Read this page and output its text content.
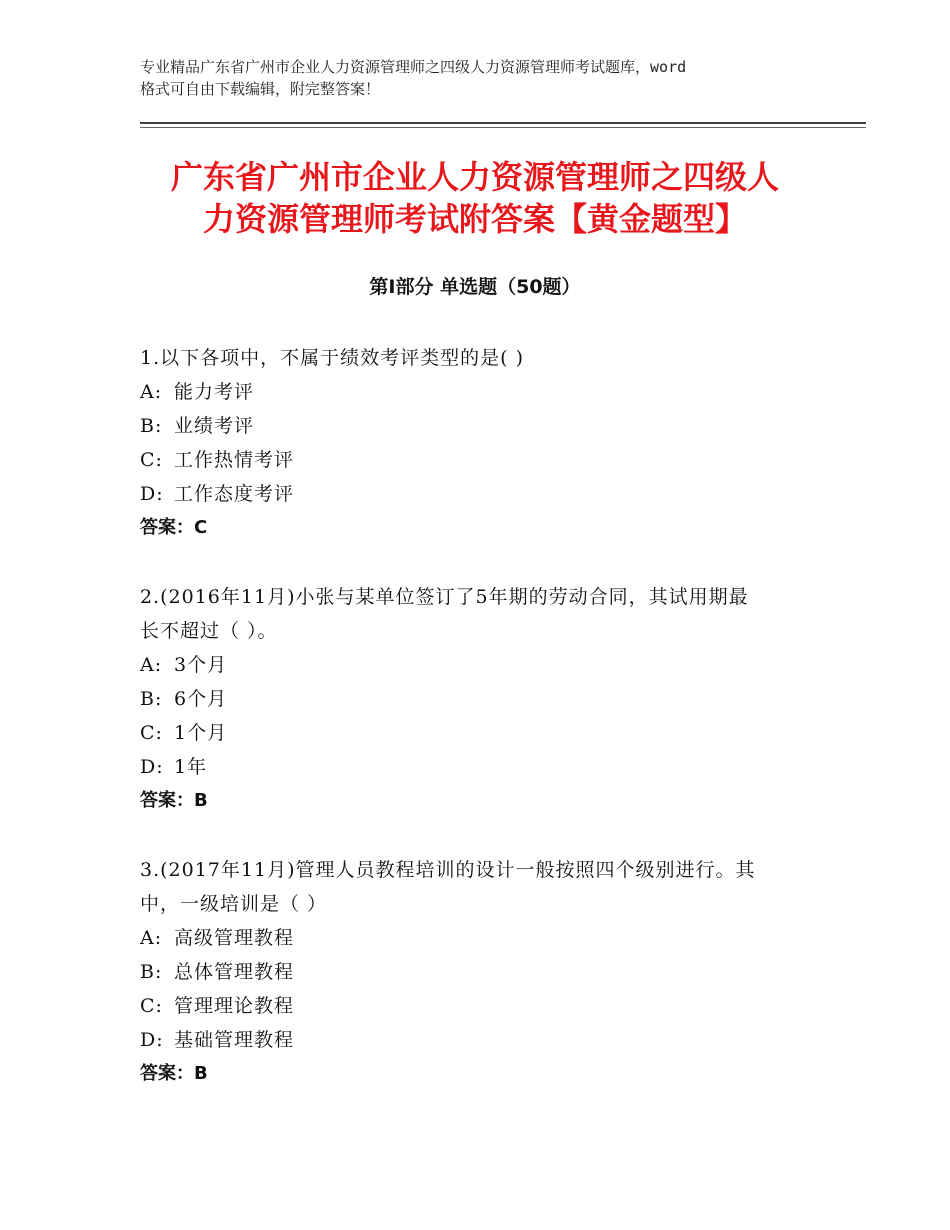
专业精品广东省广州市企业人力资源管理师之四级人力资源管理师考试题库，word
格式可自由下载编辑，附完整答案！
广东省广州市企业人力资源管理师之四级人
力资源管理师考试附答案【黄金题型】
第Ⅰ部分 单选题（50题）

1.以下各项中，不属于绩效考评类型的是( )

A: 能力考评

B: 业绩考评

C: 工作热情考评

D: 工作态度考评

答案：C

2.(2016年11月)小张与某单位签订了5年期的劳动合同，其试用期最

长不超过（ ）。

A: 3个月

B: 6个月

C: 1个月

D: 1年

答案：B

3.(2017年11月)管理人员教程培训的设计一般按照四个级别进行。其

中，一级培训是（ ）

A: 高级管理教程

B: 总体管理教程

C: 管理理论教程

D: 基础管理教程

答案：B
